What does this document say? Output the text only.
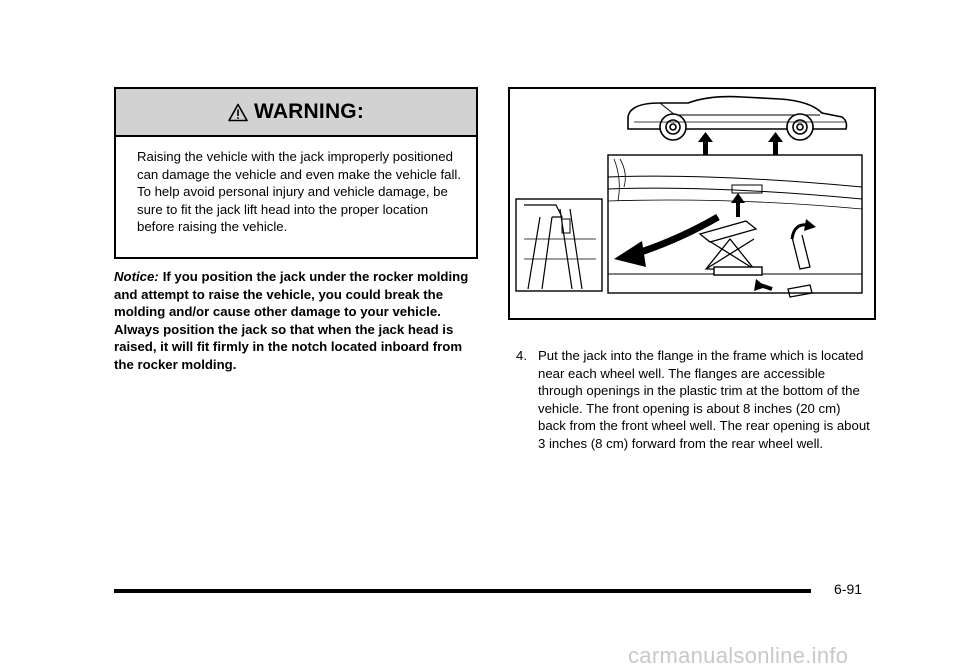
WARNING:
Raising the vehicle with the jack improperly positioned can damage the vehicle and even make the vehicle fall. To help avoid personal injury and vehicle damage, be sure to fit the jack lift head into the proper location before raising the vehicle.
Notice: If you position the jack under the rocker molding and attempt to raise the vehicle, you could break the molding and/or cause other damage to your vehicle. Always position the jack so that when the jack head is raised, it will fit firmly in the notch located inboard from the rocker molding.
4. Put the jack into the flange in the frame which is located near each wheel well. The flanges are accessible through openings in the plastic trim at the bottom of the vehicle. The front opening is about 8 inches (20 cm) back from the front wheel well. The rear opening is about 3 inches (8 cm) forward from the rear wheel well.
6-91
carmanualsonline.info
